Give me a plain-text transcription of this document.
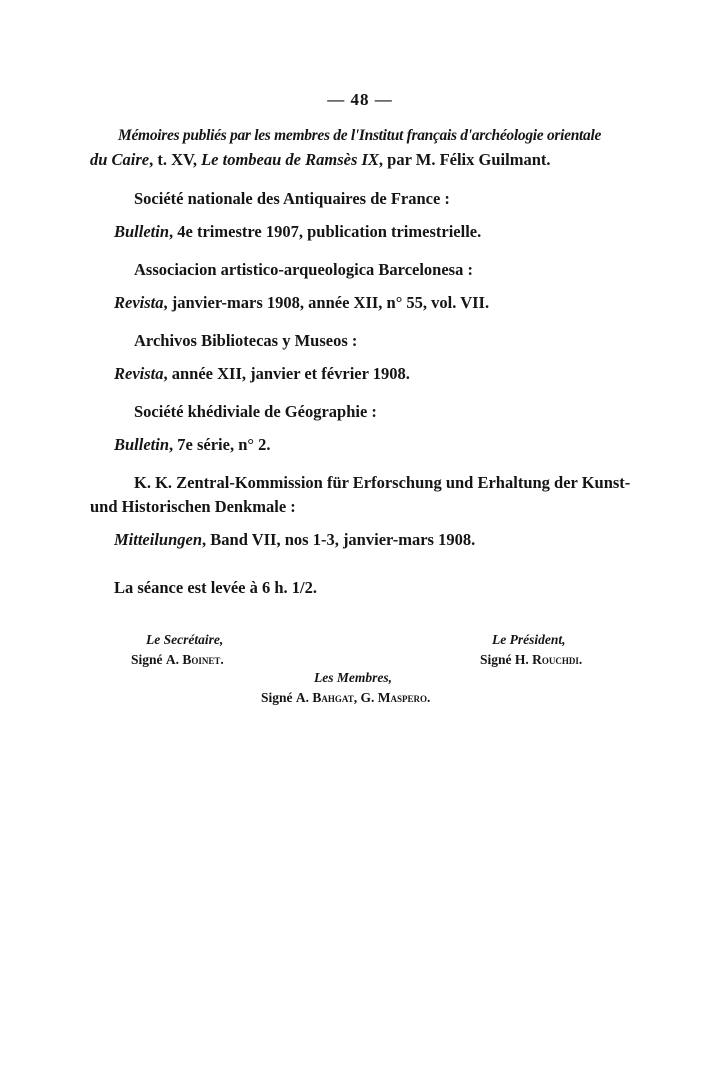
— 48 —
Mémoires publiés par les membres de l'Institut français d'archéologie orientale
du Caire, t. XV, Le tombeau de Ramsès IX, par M. Félix Guilmant.
Société nationale des Antiquaires de France :
Bulletin, 4e trimestre 1907, publication trimestrielle.
Associacion artistico-arqueologica Barcelonesa :
Revista, janvier-mars 1908, année XII, n° 55, vol. VII.
Archivos Bibliotecas y Museos :
Revista, année XII, janvier et février 1908.
Société khédiviale de Géographie :
Bulletin, 7e série, n° 2.
K. K. Zentral-Kommission für Erforschung und Erhaltung der Kunst-
und Historischen Denkmale :
Mitteilungen, Band VII, nos 1-3, janvier-mars 1908.
La séance est levée à 6 h. 1/2.
Le Secrétaire,
Signé A. Boinet.
Le Président,
Signé H. Rouchdi.
Les Membres,
Signé A. Bahgat, G. Maspero.
